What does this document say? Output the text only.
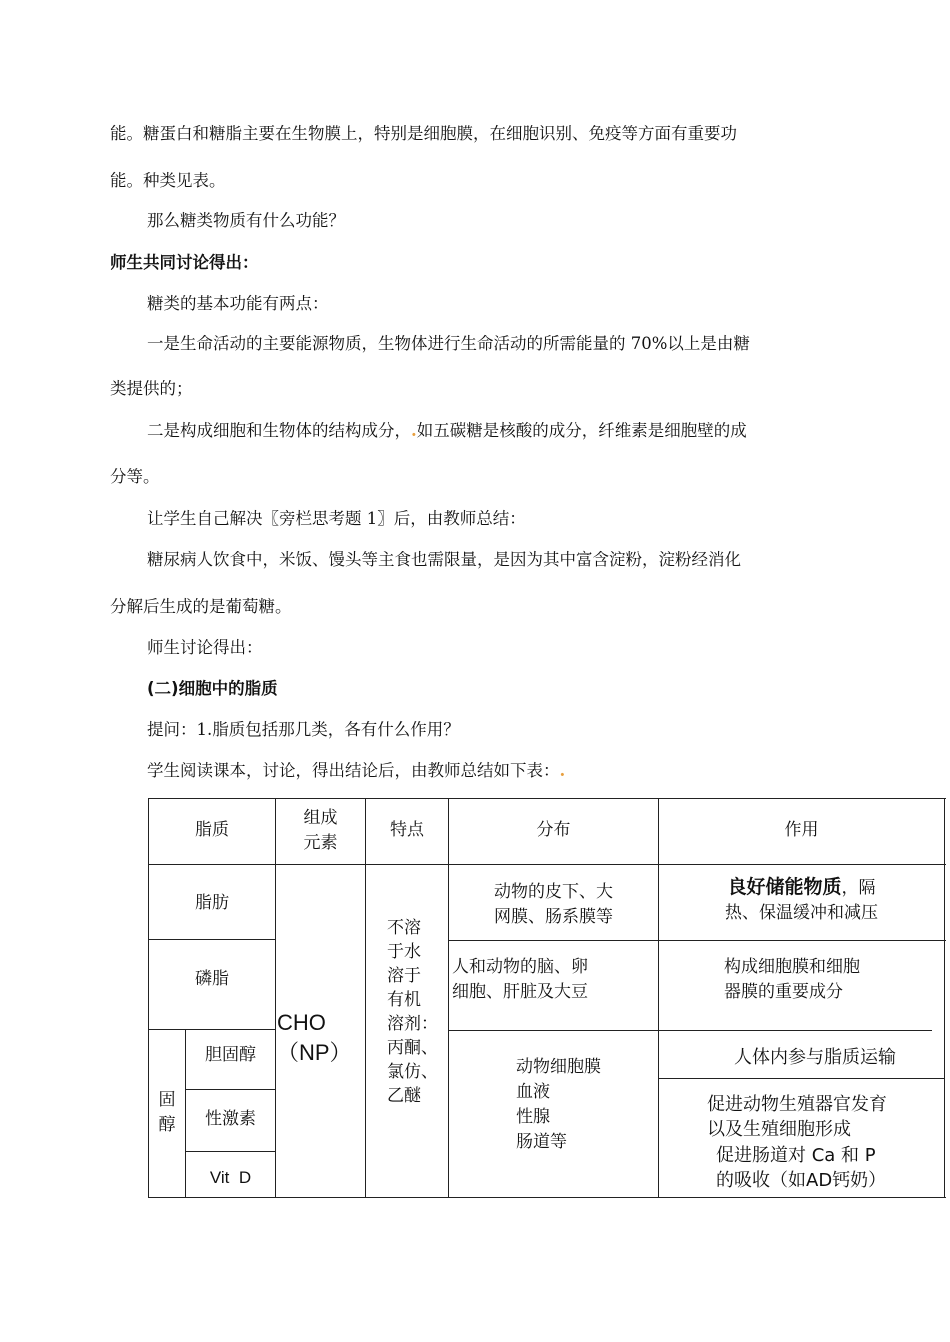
能。糖蛋白和糖脂主要在生物膜上，特别是细胞膜，在细胞识别、免疫等方面有重要功
能。种类见表。
那么糖类物质有什么功能？
师生共同讨论得出：
糖类的基本功能有两点：
一是生命活动的主要能源物质，生物体进行生命活动的所需能量的 70%以上是由糖
类提供的；
二是构成细胞和生物体的结构成分，.如五碳糖是核酸的成分，纤维素是细胞壁的成
分等。
让学生自己解决〖旁栏思考题 1〗后，由教师总结：
糖尿病人饮食中，米饭、馒头等主食也需限量，是因为其中富含淀粉，淀粉经消化
分解后生成的是葡萄糖。
师生讨论得出：
(二)细胞中的脂质
提问：1.脂质包括那几类，各有什么作用？
学生阅读课本，讨论，得出结论后，由教师总结如下表：.
脂质
组成
元素
特点	分布	作用
脂肪
动物的皮下、大
网膜、肠系膜等
良好储能物质，隔
热、保温缓冲和减压
磷脂
人和动物的脑、卵
细胞、肝脏及大豆
构成细胞膜和细胞
器膜的重要成分
CHO
（NP）
不溶
于水
溶于
有机
溶剂：
丙酮、
氯仿、
乙醚
固
醇
胆固醇
性激素
Vit  D
动物细胞膜
血液
性腺
肠道等
人体内参与脂质运输
促进动物生殖器官发育
以及生殖细胞形成
促进肠道对 Ca 和 P
的吸收（如AD钙奶）
